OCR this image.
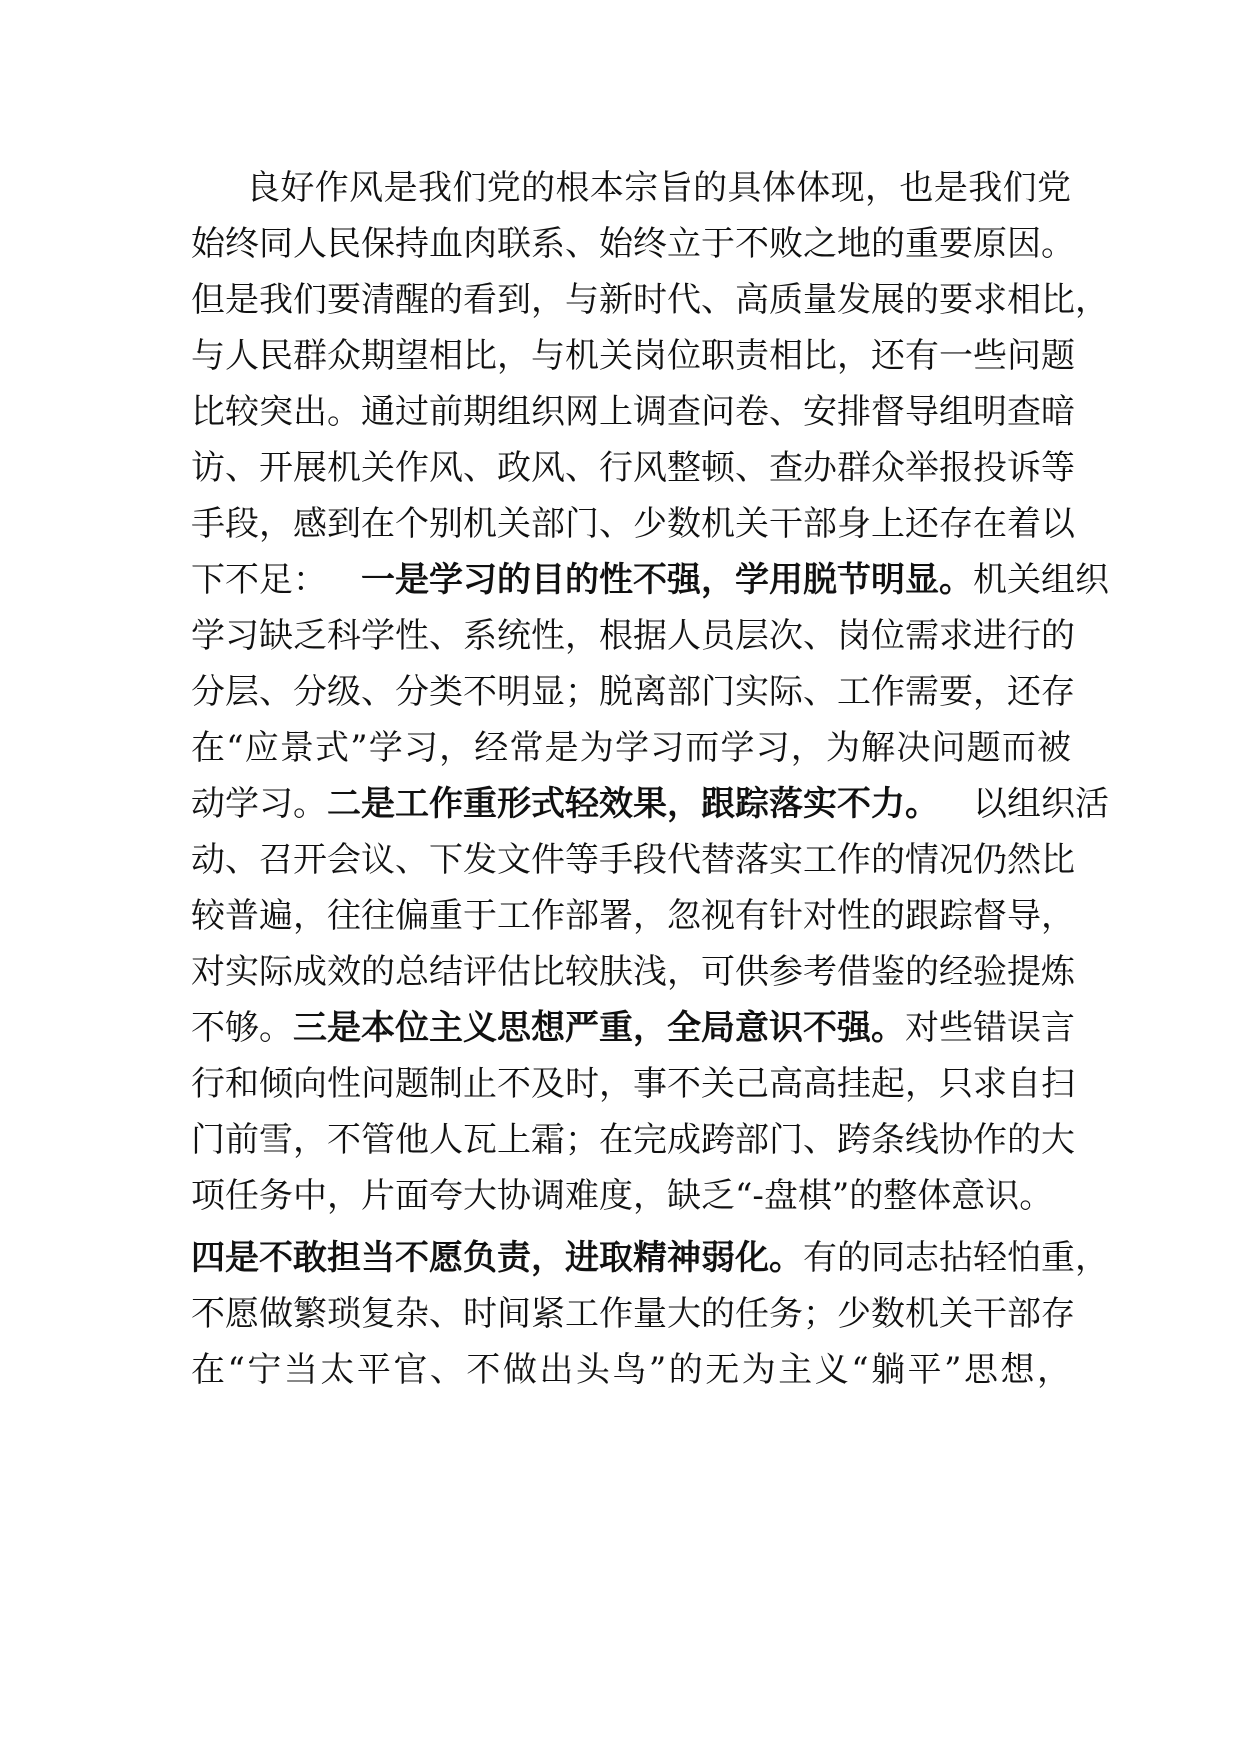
良好作风是我们党的根本宗旨的具体体现，也是我们党
始终同人民保持血肉联系、始终立于不败之地的重要原因。
但是我们要清醒的看到，与新时代、高质量发展的要求相比，
与人民群众期望相比，与机关岗位职责相比，还有一些问题
比较突出。通过前期组织网上调查问卷、安排督导组明查暗
访、开展机关作风、政风、行风整顿、查办群众举报投诉等
手段，感到在个别机关部门、少数机关干部身上还存在着以
下不足：  一是学习的目的性不强，学用脱节明显。机关组织
学习缺乏科学性、系统性，根据人员层次、岗位需求进行的
分层、分级、分类不明显；脱离部门实际、工作需要，还存
在“应景式”学习，经常是为学习而学习，为解决问题而被
动学习。二是工作重形式轻效果，跟踪落实不力。  以组织活
动、召开会议、下发文件等手段代替落实工作的情况仍然比
较普遍，往往偏重于工作部署，忽视有针对性的跟踪督导，
对实际成效的总结评估比较肤浅，可供参考借鉴的经验提炼
不够。三是本位主义思想严重，全局意识不强。对些错误言
行和倾向性问题制止不及时，事不关己高高挂起，只求自扫
门前雪，不管他人瓦上霜；在完成跨部门、跨条线协作的大
项任务中，片面夸大协调难度，缺乏“-盘棋”的整体意识。
四是不敢担当不愿负责，进取精神弱化。有的同志拈轻怕重，
不愿做繁琐复杂、时间紧工作量大的任务；少数机关干部存
在“宁当太平官、不做出头鸟”的无为主义“躺平”思想，
